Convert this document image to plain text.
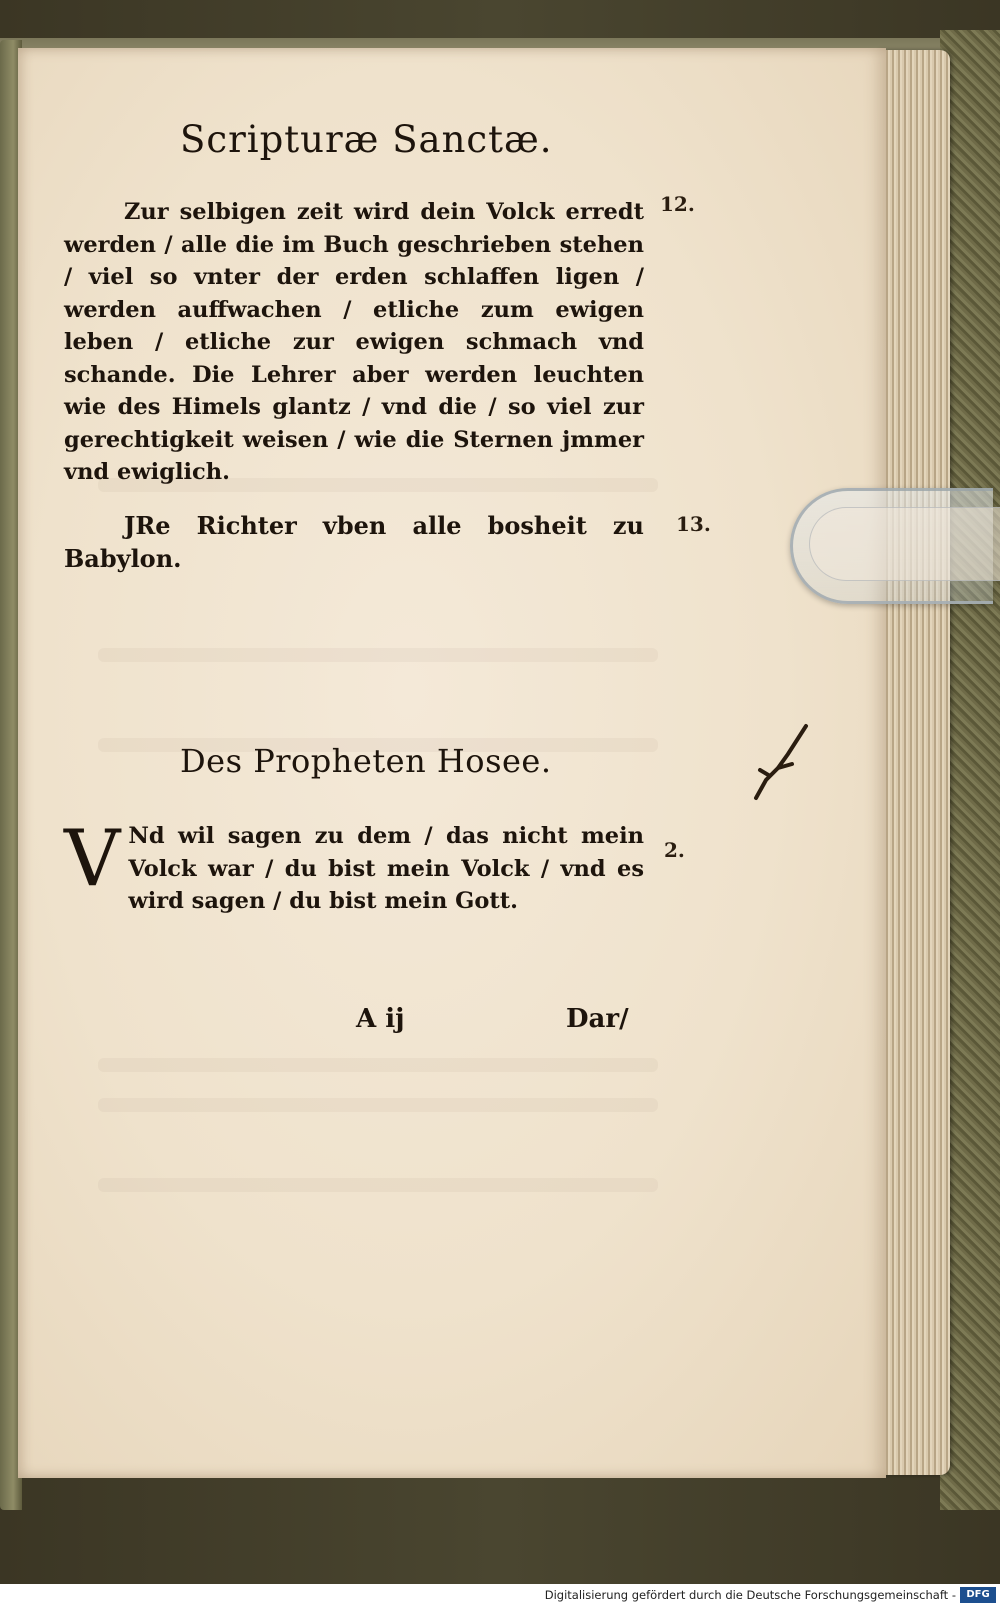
Scripturæ Sanctæ.
Zur selbigen zeit wird dein Volck erredt werden / alle die im Buch geschrieben stehen / viel so vnter der erden schlaffen ligen / werden auffwachen / etliche zum ewigen leben / etliche zur ewigen schmach vnd schande. Die Lehrer aber werden leuchten wie des Himels glantz / vnd die / so viel zur gerechtigkeit weisen / wie die Sternen jmmer vnd ewiglich.
12.
JRe Richter vben alle bosheit zu Babylon.
13.
Des Propheten Hosee.
V Nd wil sagen zu dem / das nicht mein Volck war / du bist mein Volck / vnd es wird sagen / du bist mein Gott.
2.
A ij	Dar/
Digitalisierung gefördert durch die Deutsche Forschungsgemeinschaft -	DFG
